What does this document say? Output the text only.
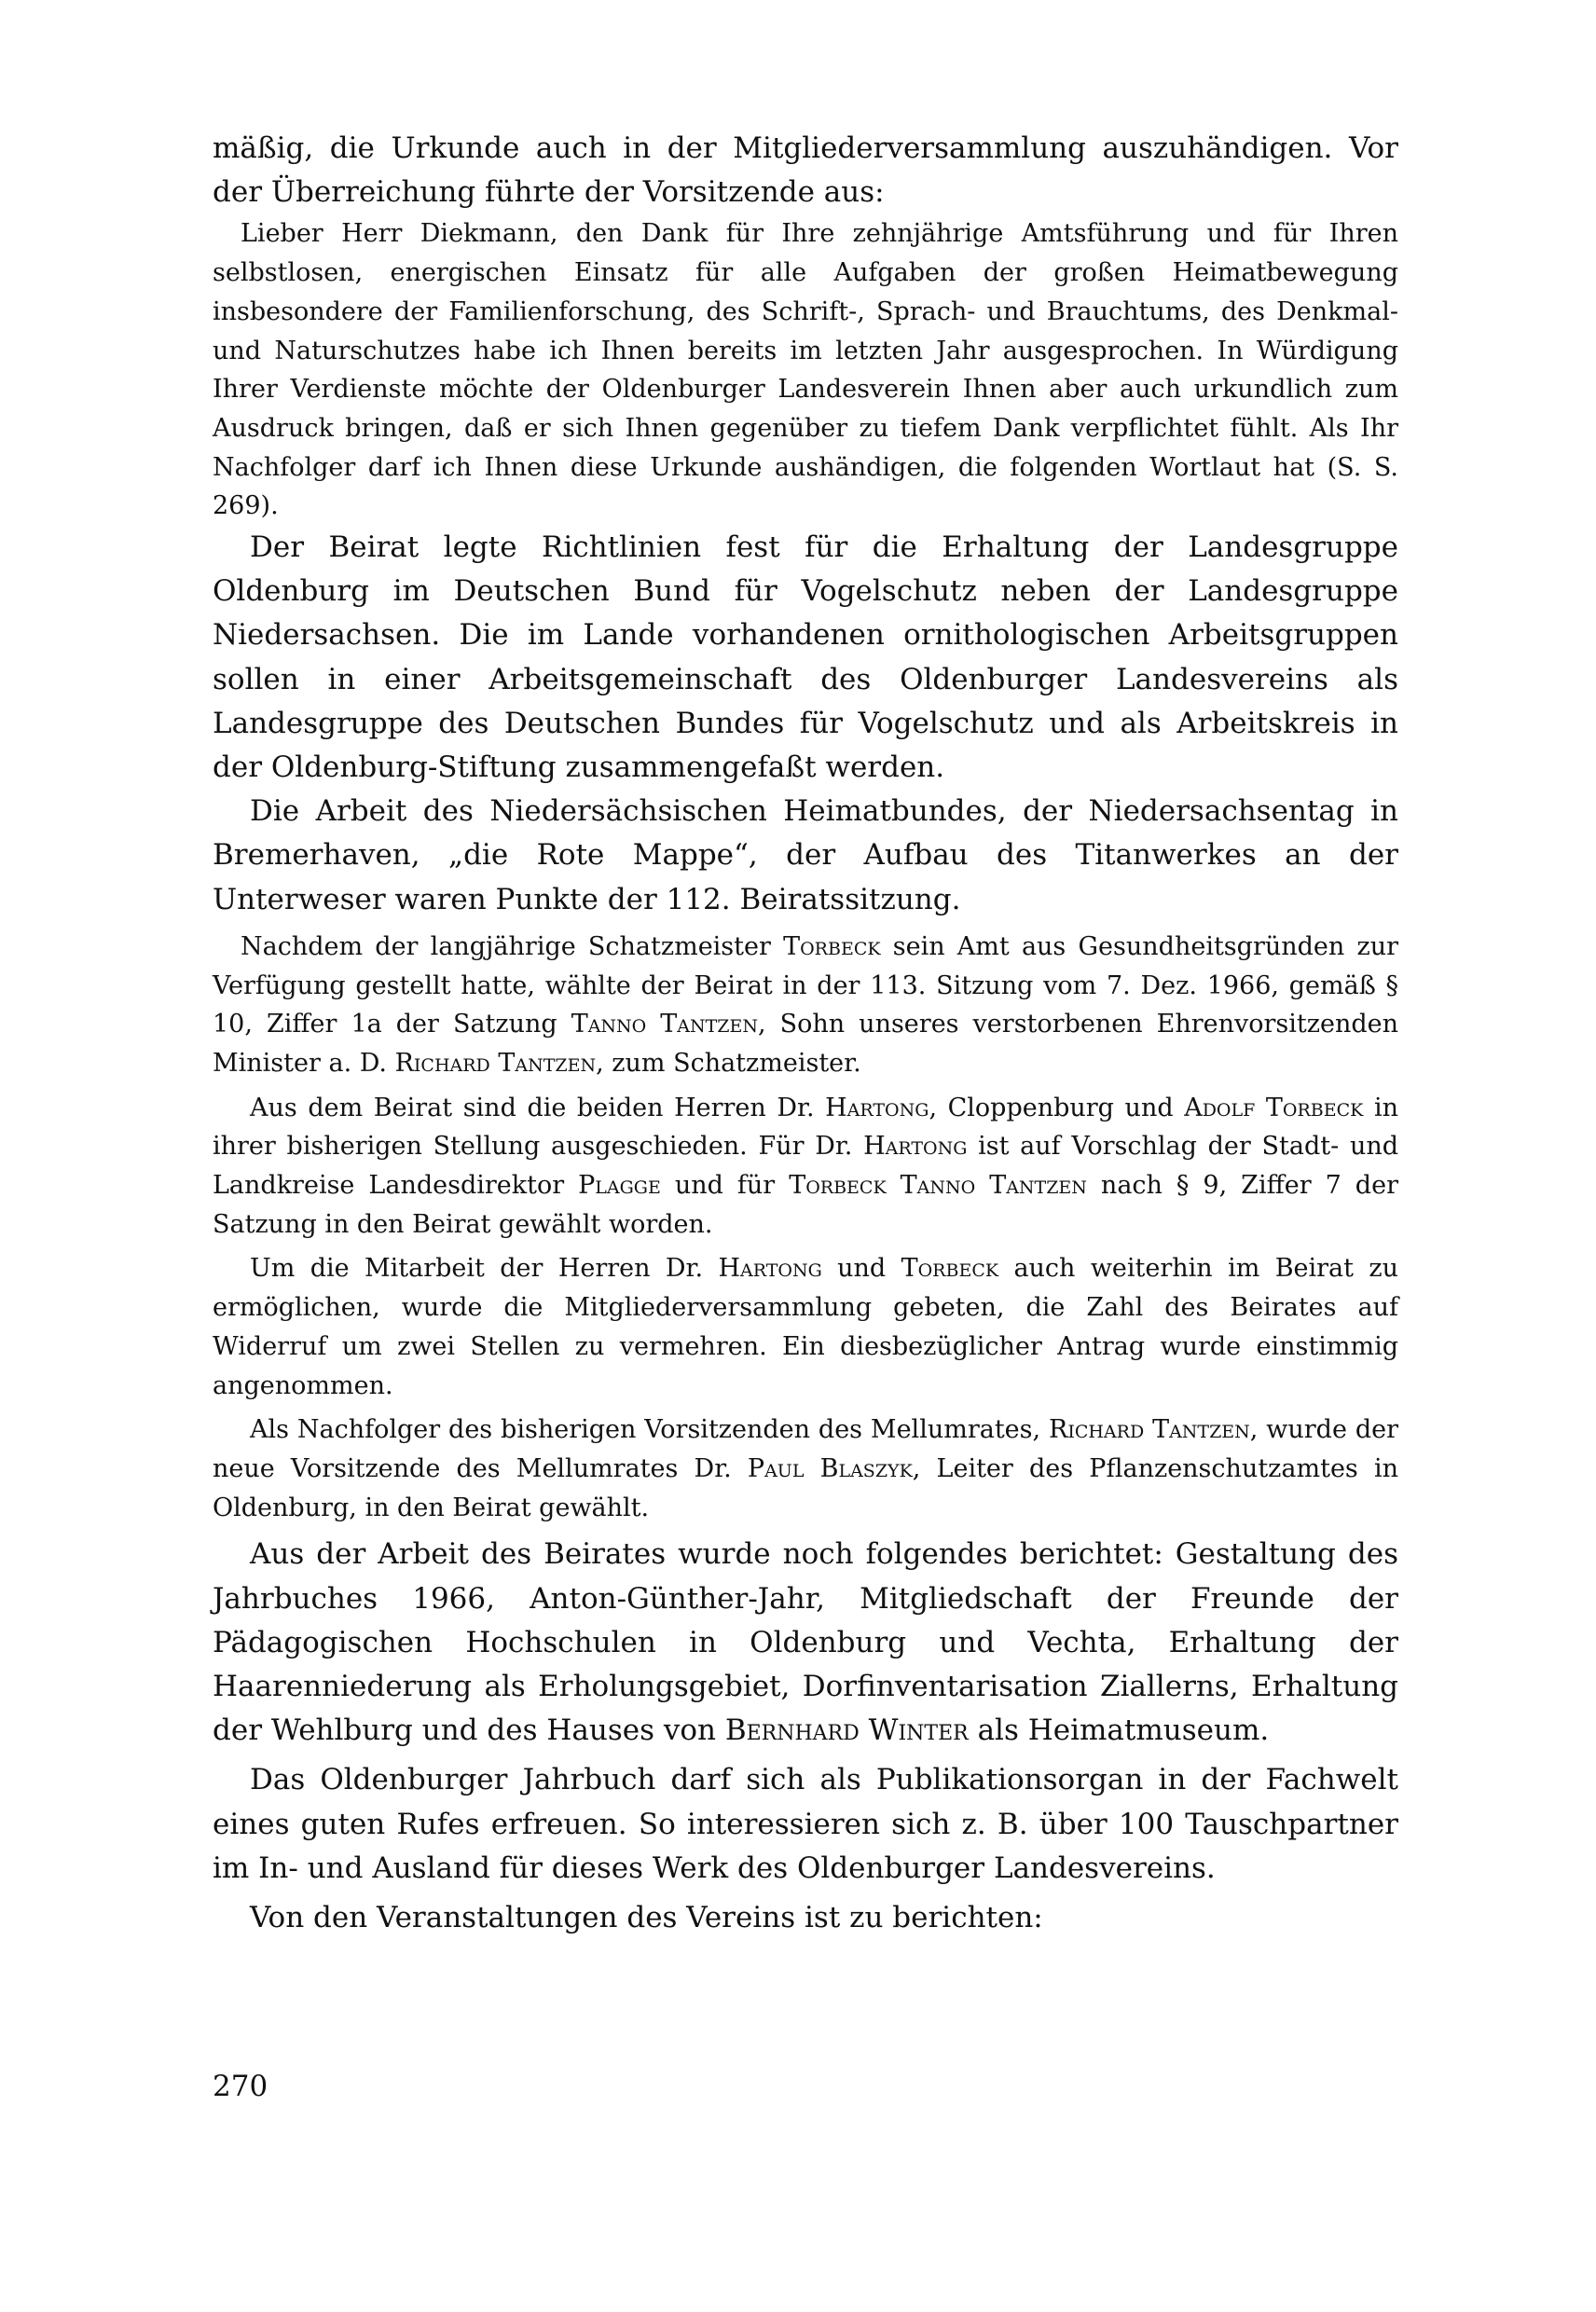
mäßig, die Urkunde auch in der Mitgliederversammlung auszuhändigen. Vor der Überreichung führte der Vorsitzende aus:

Lieber Herr Diekmann, den Dank für Ihre zehnjährige Amtsführung und für Ihren selbstlosen, energischen Einsatz für alle Aufgaben der großen Heimatbewegung insbesondere der Familienforschung, des Schrift-, Sprach- und Brauchtums, des Denkmal- und Naturschutzes habe ich Ihnen bereits im letzten Jahr ausgesprochen. In Würdigung Ihrer Verdienste möchte der Oldenburger Landesverein Ihnen aber auch urkundlich zum Ausdruck bringen, daß er sich Ihnen gegenüber zu tiefem Dank verpflichtet fühlt. Als Ihr Nachfolger darf ich Ihnen diese Urkunde aushändigen, die folgenden Wortlaut hat (S. S. 269).

Der Beirat legte Richtlinien fest für die Erhaltung der Landesgruppe Oldenburg im Deutschen Bund für Vogelschutz neben der Landesgruppe Niedersachsen. Die im Lande vorhandenen ornithologischen Arbeitsgruppen sollen in einer Arbeitsgemeinschaft des Oldenburger Landesvereins als Landesgruppe des Deutschen Bundes für Vogelschutz und als Arbeitskreis in der Oldenburg-Stiftung zusammengefaßt werden.

Die Arbeit des Niedersächsischen Heimatbundes, der Niedersachsentag in Bremerhaven, „die Rote Mappe“, der Aufbau des Titanwerkes an der Unterweser waren Punkte der 112. Beiratssitzung.

Nachdem der langjährige Schatzmeister Torbeck sein Amt aus Gesundheitsgründen zur Verfügung gestellt hatte, wählte der Beirat in der 113. Sitzung vom 7. Dez. 1966, gemäß § 10, Ziffer 1a der Satzung Tanno Tantzen, Sohn unseres verstorbenen Ehrenvorsitzenden Minister a. D. Richard Tantzen, zum Schatzmeister.

Aus dem Beirat sind die beiden Herren Dr. Hartong, Cloppenburg und Adolf Torbeck in ihrer bisherigen Stellung ausgeschieden. Für Dr. Hartong ist auf Vorschlag der Stadt- und Landkreise Landesdirektor Plagge und für Torbeck Tanno Tantzen nach § 9, Ziffer 7 der Satzung in den Beirat gewählt worden.

Um die Mitarbeit der Herren Dr. Hartong und Torbeck auch weiterhin im Beirat zu ermöglichen, wurde die Mitgliederversammlung gebeten, die Zahl des Beirates auf Widerruf um zwei Stellen zu vermehren. Ein diesbezüglicher Antrag wurde einstimmig angenommen.

Als Nachfolger des bisherigen Vorsitzenden des Mellumrates, Richard Tantzen, wurde der neue Vorsitzende des Mellumrates Dr. Paul Blaszyk, Leiter des Pflanzenschutzamtes in Oldenburg, in den Beirat gewählt.

Aus der Arbeit des Beirates wurde noch folgendes berichtet: Gestaltung des Jahrbuches 1966, Anton-Günther-Jahr, Mitgliedschaft der Freunde der Pädagogischen Hochschulen in Oldenburg und Vechta, Erhaltung der Haarenniederung als Erholungsgebiet, Dorfinventarisation Ziallerns, Erhaltung der Wehlburg und des Hauses von Bernhard Winter als Heimatmuseum.

Das Oldenburger Jahrbuch darf sich als Publikationsorgan in der Fachwelt eines guten Rufes erfreuen. So interessieren sich z. B. über 100 Tauschpartner im In- und Ausland für dieses Werk des Oldenburger Landesvereins.

Von den Veranstaltungen des Vereins ist zu berichten:

270
